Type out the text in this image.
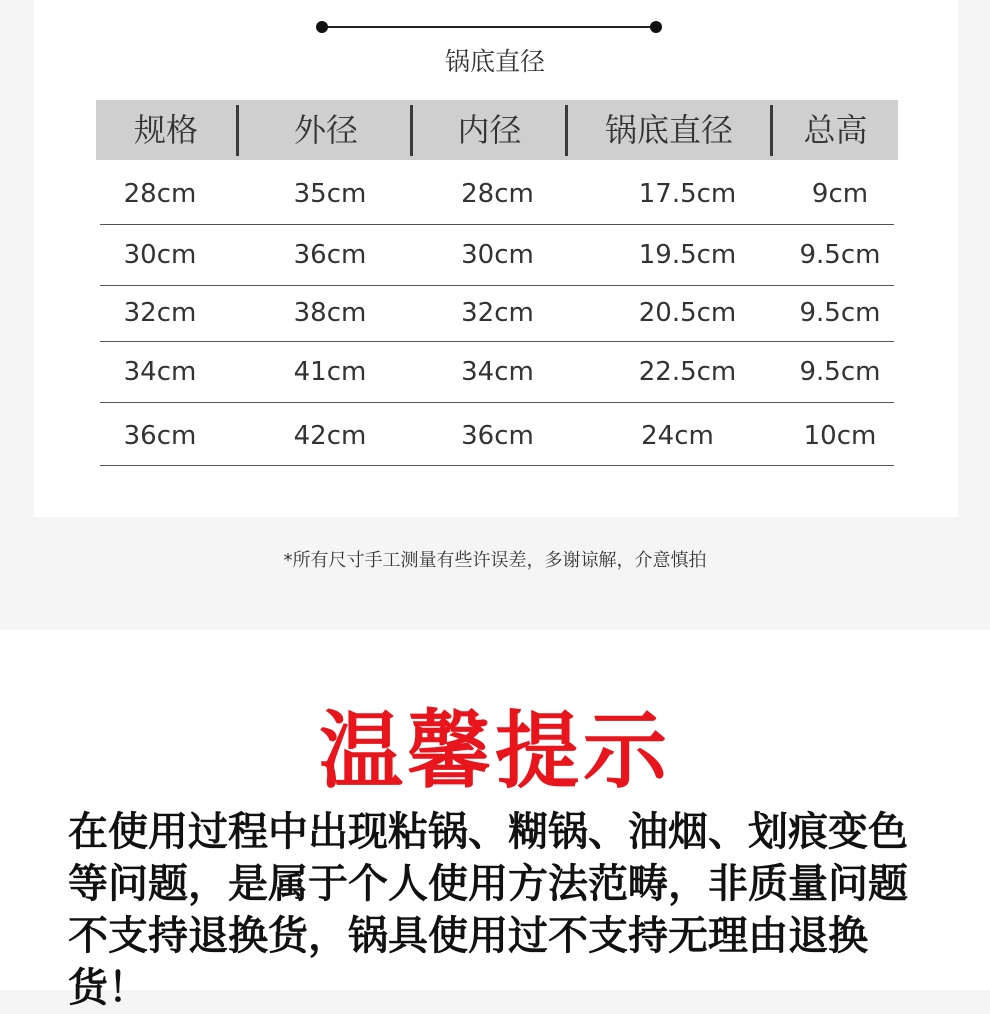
锅底直径
规格	外径	内径	锅底直径	总高
28cm	35cm	28cm	17.5cm	9cm
30cm	36cm	30cm	19.5cm	9.5cm
32cm	38cm	32cm	20.5cm	9.5cm
34cm	41cm	34cm	22.5cm	9.5cm
36cm	42cm	36cm	24cm	10cm
*所有尺寸手工测量有些许误差，多谢谅解，介意慎拍
温馨提示
在使用过程中出现粘锅、糊锅、油烟、划痕变色等问题，是属于个人使用方法范畴，非质量问题不支持退换货，锅具使用过不支持无理由退换货！
